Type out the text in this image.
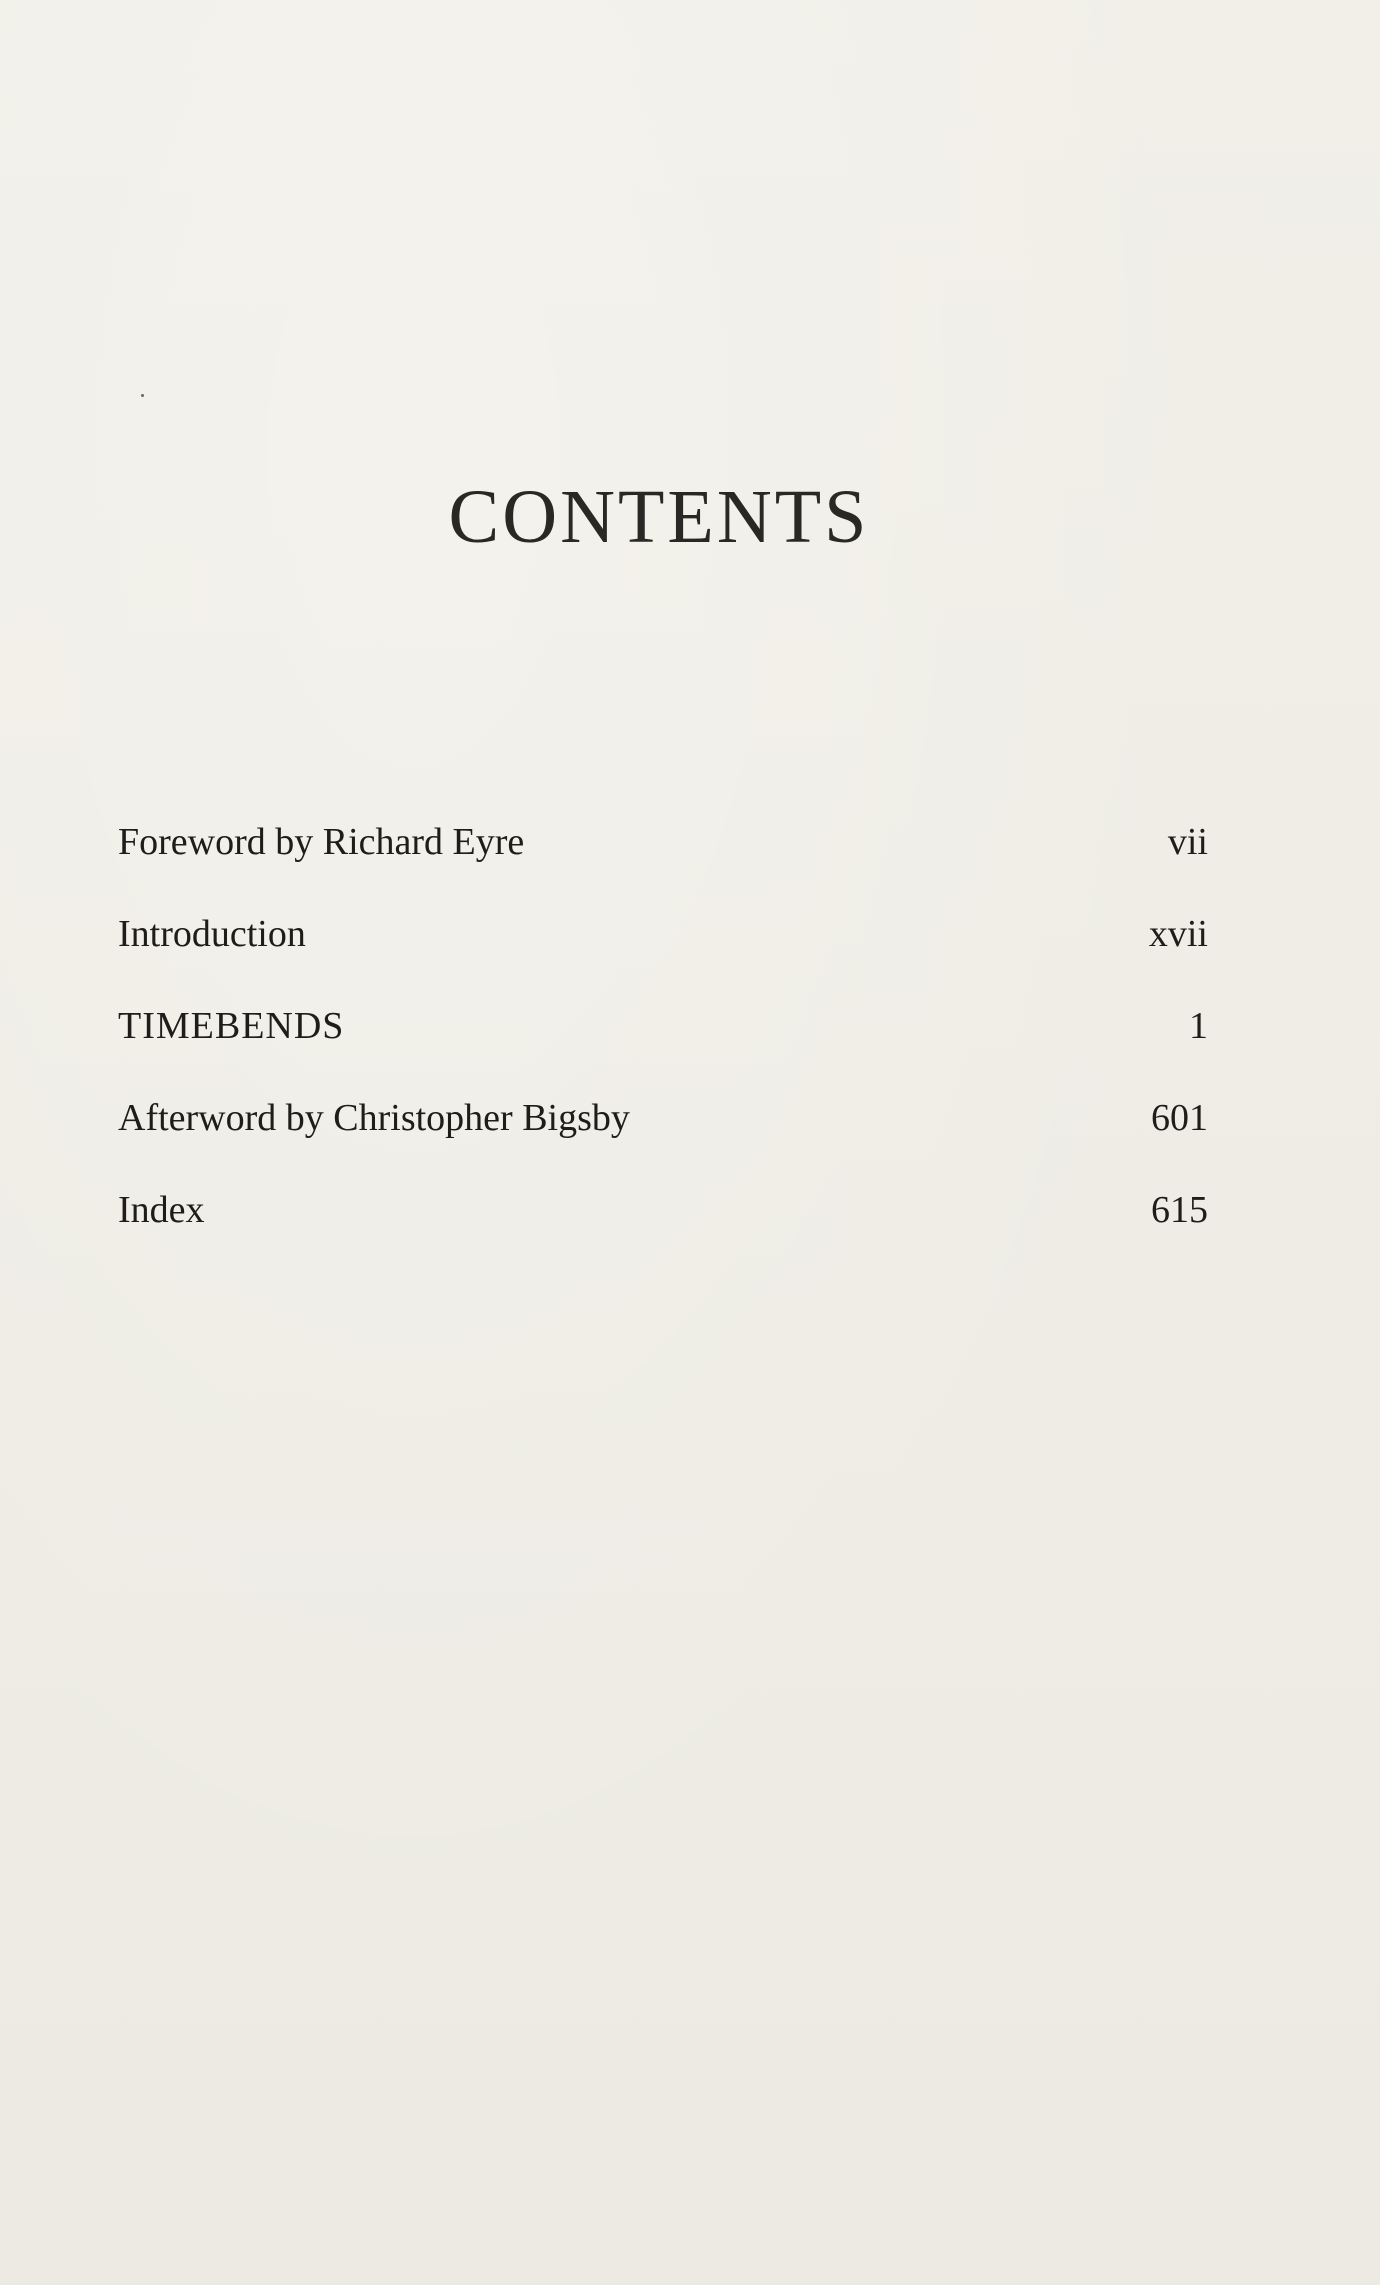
CONTENTS
Foreword by Richard Eyre	vii
Introduction	xvii
TIMEBENDS	1
Afterword by Christopher Bigsby	601
Index	615
